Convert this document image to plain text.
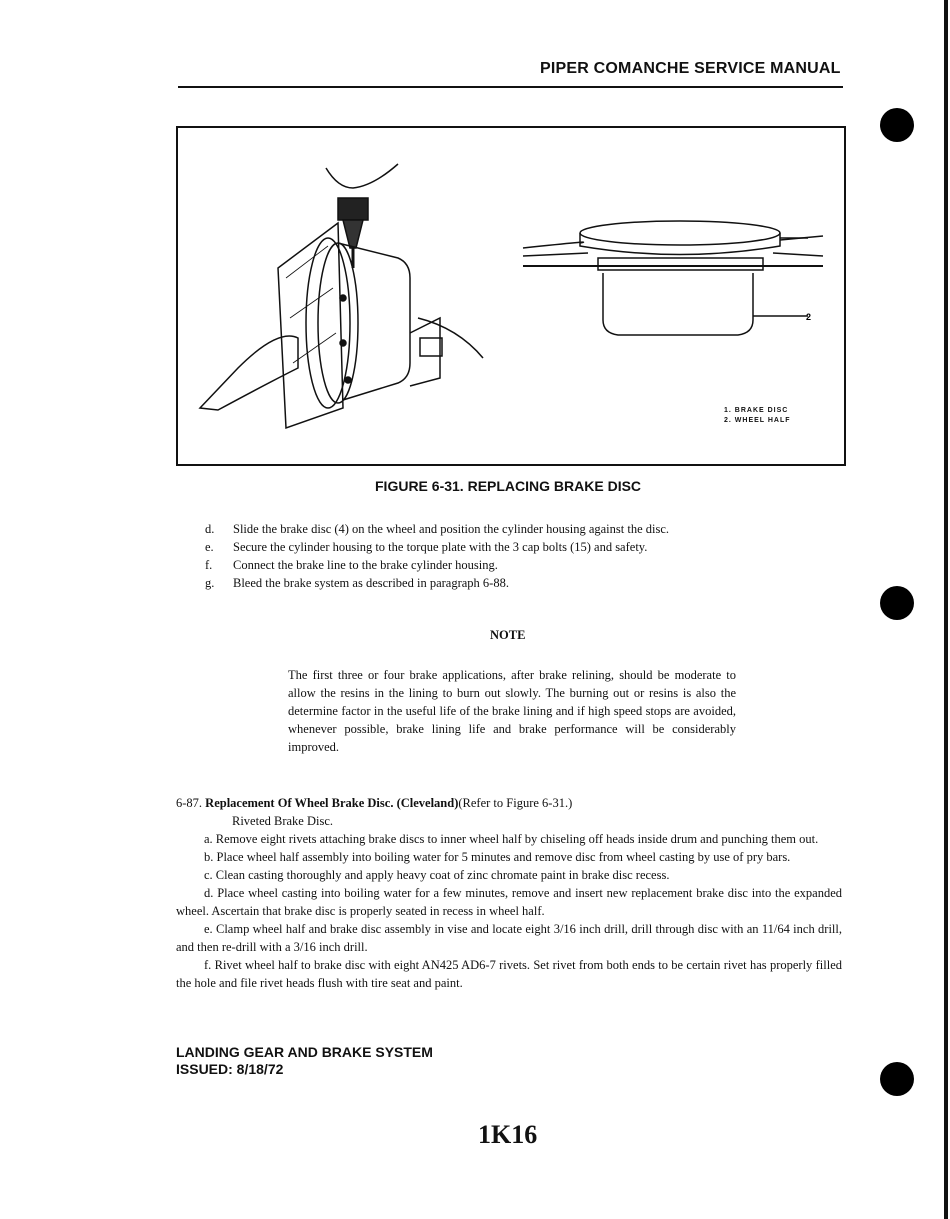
PIPER COMANCHE SERVICE MANUAL
2
1. BRAKE DISC
2. WHEEL HALF
FIGURE 6-31. REPLACING BRAKE DISC
d.	Slide the brake disc (4) on the wheel and position the cylinder housing against the disc.
e.	Secure the cylinder housing to the torque plate with the 3 cap bolts (15) and safety.
f.	Connect the brake line to the brake cylinder housing.
g.	Bleed the brake system as described in paragraph 6-88.
NOTE
The first three or four brake applications, after brake relining, should be moderate to allow the resins in the lining to burn out slowly. The burning out or resins is also the determine factor in the useful life of the brake lining and if high speed stops are avoided, whenever possible, brake lining life and brake performance will be considerably improved.
6-87. Replacement Of Wheel Brake Disc. (Cleveland)(Refer to Figure 6-31.)
Riveted Brake Disc.

a. Remove eight rivets attaching brake discs to inner wheel half by chiseling off heads inside drum and punching them out.

b. Place wheel half assembly into boiling water for 5 minutes and remove disc from wheel casting by use of pry bars.

c. Clean casting thoroughly and apply heavy coat of zinc chromate paint in brake disc recess.

d. Place wheel casting into boiling water for a few minutes, remove and insert new replacement brake disc into the expanded wheel. Ascertain that brake disc is properly seated in recess in wheel half.

e. Clamp wheel half and brake disc assembly in vise and locate eight 3/16 inch drill, drill through disc with an 11/64 inch drill, and then re-drill with a 3/16 inch drill.

f. Rivet wheel half to brake disc with eight AN425 AD6-7 rivets. Set rivet from both ends to be certain rivet has properly filled the hole and file rivet heads flush with tire seat and paint.

LANDING GEAR AND BRAKE SYSTEM
ISSUED: 8/18/72
1K16
